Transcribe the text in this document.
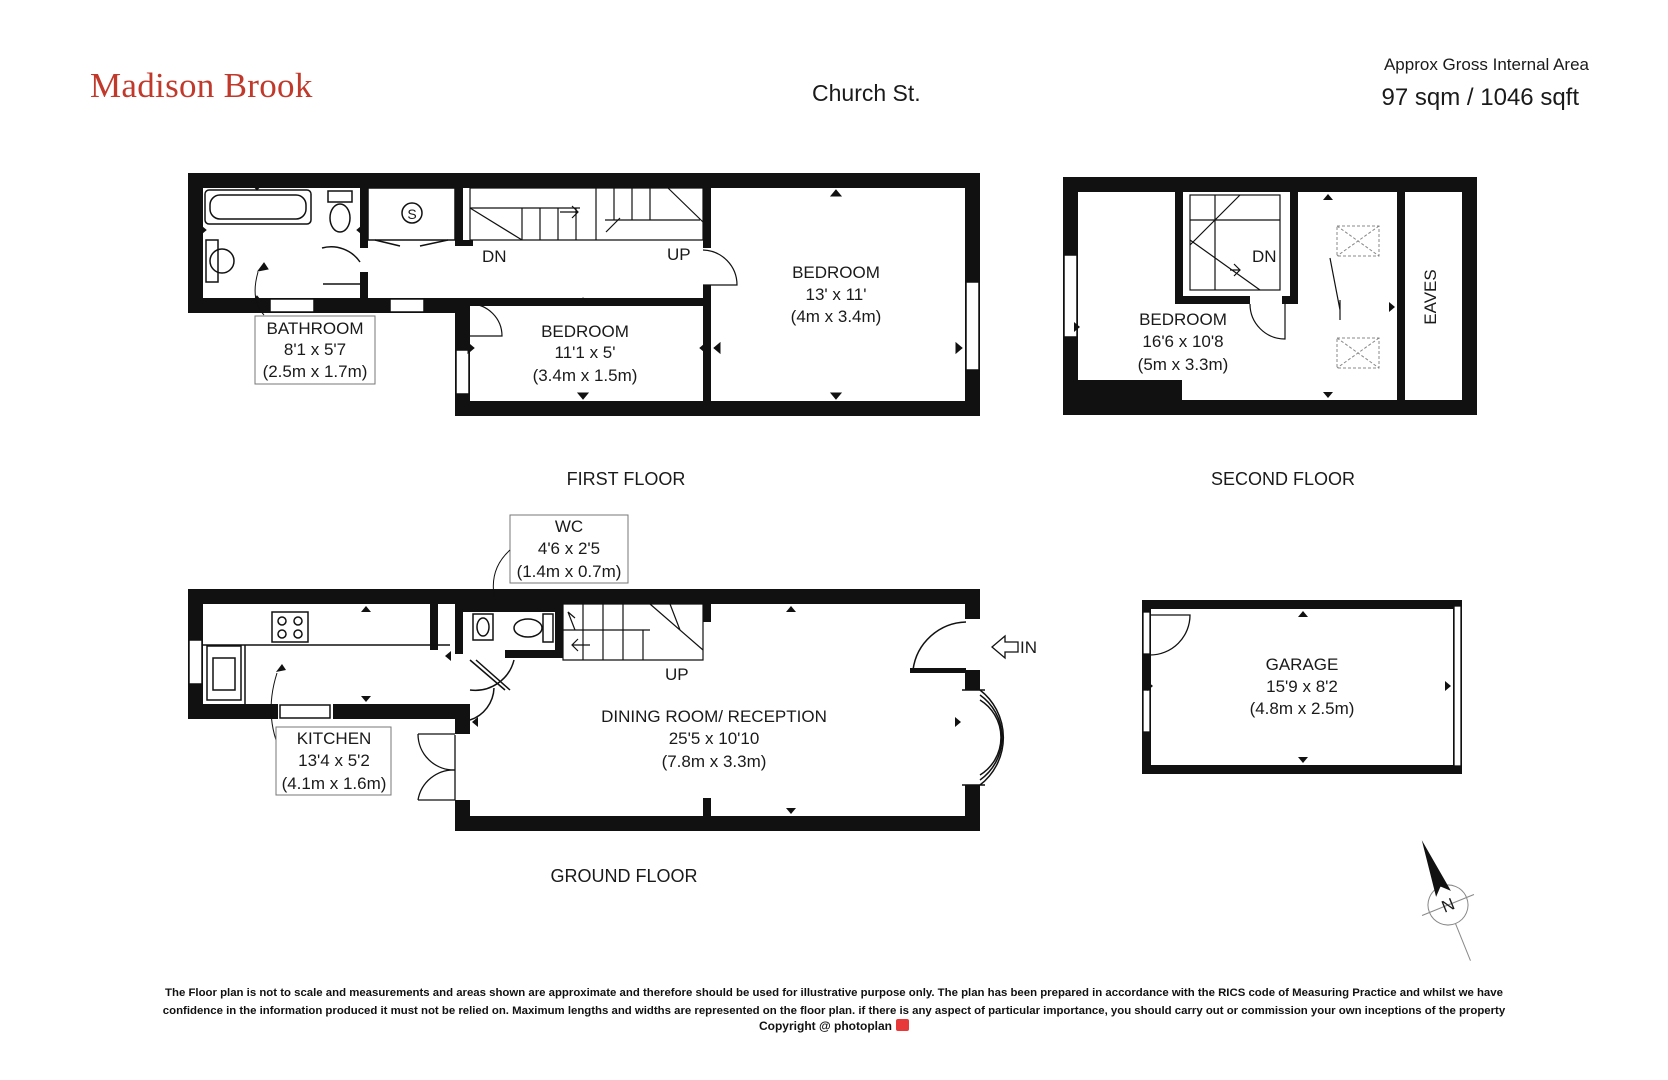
Madison Brook	Church St.
Approx Gross Internal Area
97 sqm / 1046 sqft
S
DN	UP
BATHROOM
8'1 x 5'7
(2.5m x 1.7m)
BEDROOM
11'1 x 5'
(3.4m x 1.5m)
BEDROOM
13' x 11'
(4m x 3.4m)
FIRST FLOOR
DN
BEDROOM
16'6 x 10'8
(5m x 3.3m)
EAVES
SECOND FLOOR
IN
UP
WC
4'6 x 2'5
(1.4m x 0.7m)
KITCHEN
13'4 x 5'2
(4.1m x 1.6m)
DINING ROOM/ RECEPTION
25'5 x 10'10
(7.8m x 3.3m)
GROUND FLOOR
GARAGE
15'9 x 8'2
(4.8m x 2.5m)
N
The Floor plan is not to scale and measurements and areas shown are approximate and therefore should be used for illustrative purpose only. The plan has been prepared in accordance with the RICS code of Measuring Practice and whilst we have
confidence in the information produced it must not be relied on. Maximum lengths and widths are represented on the floor plan. if there is any aspect of particular importance, you should carry out or commission your own inceptions of the property
Copyright @ photoplan
